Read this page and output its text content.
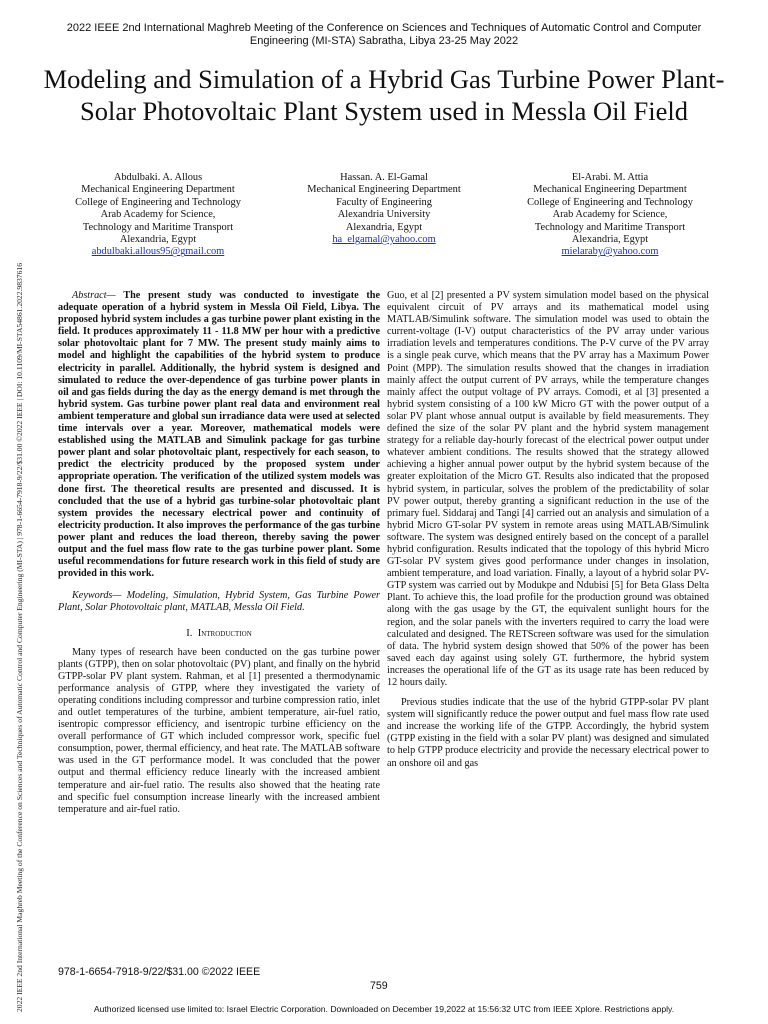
2022 IEEE 2nd International Maghreb Meeting of the Conference on Sciences and Techniques of Automatic Control and Computer Engineering (MI-STA) | 978-1-6654-7918-9/22/$31.00 ©2022 IEEE | DOI: 10.1109/MI-STA54861.2022.9837616
2022 IEEE 2nd International Maghreb Meeting of the Conference on Sciences and Techniques of Automatic Control and Computer Engineering (MI-STA) Sabratha, Libya 23-25 May 2022
Modeling and Simulation of a Hybrid Gas Turbine Power Plant-Solar Photovoltaic Plant System used in Messla Oil Field
Abdulbaki. A. Allous
Mechanical Engineering Department
College of Engineering and Technology
Arab Academy for Science,
Technology and Maritime Transport
Alexandria, Egypt
abdulbaki.allous95@gmail.com
Hassan. A. El-Gamal
Mechanical Engineering Department
Faculty of Engineering
Alexandria University
Alexandria, Egypt
ha_elgamal@yahoo.com
El-Arabi. M. Attia
Mechanical Engineering Department
College of Engineering and Technology
Arab Academy for Science,
Technology and Maritime Transport
Alexandria, Egypt
mielaraby@yahoo.com

Abstract— The present study was conducted to investigate the adequate operation of a hybrid system in Messla Oil Field, Libya. The proposed hybrid system includes a gas turbine power plant existing in the field. It produces approximately 11 - 11.8 MW per hour with a predictive solar photovoltaic plant for 7 MW. The present study mainly aims to model and highlight the capabilities of the hybrid system to produce electricity in parallel. Additionally, the hybrid system is designed and simulated to reduce the over-dependence of gas turbine power plants in oil and gas fields during the day as the energy demand is met through the hybrid system. Gas turbine power plant real data and environment real ambient temperature and global sun irradiance data were used at selected time intervals over a year. Moreover, mathematical models were established using the MATLAB and Simulink package for gas turbine power plant and solar photovoltaic plant, respectively for each season, to predict the electricity produced by the proposed system under appropriate operation. The verification of the utilized system models was done first. The theoretical results are presented and discussed. It is concluded that the use of a hybrid gas turbine-solar photovoltaic plant system provides the necessary electrical power and continuity of electricity production. It also improves the performance of the gas turbine power plant and reduces the load thereon, thereby saving the power output and the fuel mass flow rate to the gas turbine power plant. Some useful recommendations for future research work in this field of study are provided in this work.

Keywords— Modeling, Simulation, Hybrid System, Gas Turbine Power Plant, Solar Photovoltaic plant, MATLAB, Messla Oil Field.

I. Introduction

Many types of research have been conducted on the gas turbine power plants (GTPP), then on solar photovoltaic (PV) plant, and finally on the hybrid GTPP-solar PV plant system. Rahman, et al [1] presented a thermodynamic performance analysis of GTPP, where they investigated the variety of operating conditions including compressor and turbine compression ratio, inlet and outlet temperatures of the turbine, ambient temperature, air-fuel ratio, isentropic compressor efficiency, and isentropic turbine efficiency on the overall performance of GT which included compressor work, specific fuel consumption, power, thermal efficiency, and heat rate. The MATLAB software was used in the GT performance model. It was concluded that the power output and thermal efficiency reduce linearly with the increased ambient temperature and air-fuel ratio. The results also showed that the heating rate and specific fuel consumption increase linearly with the increased ambient temperature and air-fuel ratio.

Guo, et al [2] presented a PV system simulation model based on the physical equivalent circuit of PV arrays and its mathematical model using MATLAB/Simulink software. The simulation model was used to obtain the current-voltage (I-V) output characteristics of the PV array under various irradiation levels and temperatures conditions. The P-V curve of the PV array is a single peak curve, which means that the PV array has a Maximum Power Point (MPP). The simulation results showed that the changes in irradiation mainly affect the output current of PV arrays, while the temperature changes mainly affect the output voltage of PV arrays. Comodi, et al [3] presented a hybrid system consisting of a 100 kW Micro GT with the power output of a solar PV plant whose annual output is available by field measurements. They defined the size of the solar PV plant and the hybrid system management strategy for a reliable day-hourly forecast of the electrical power output under whatever ambient conditions. The results showed that the strategy allowed achieving a higher annual power output by the hybrid system because of the greater exploitation of the Micro GT. Results also indicated that the proposed hybrid system, in particular, solves the problem of the predictability of solar PV power output, thereby granting a significant reduction in the use of the primary fuel. Siddaraj and Tangi [4] carried out an analysis and simulation of a hybrid Micro GT-solar PV system in remote areas using MATLAB/Simulink software. The system was designed entirely based on the concept of a parallel hybrid configuration. Results indicated that the topology of this hybrid Micro GT-solar PV system gives good performance under changes in insolation, ambient temperature, and load variation. Finally, a layout of a hybrid solar PV-GTP system was carried out by Modukpe and Ndubisi [5] for Beta Glass Delta Plant. To achieve this, the load profile for the production ground was obtained along with the gas usage by the GT, the equivalent sunlight hours for the region, and the solar panels with the inverters required to carry the load were calculated and designed. The RETScreen software was used for the simulation of data. The hybrid system design showed that 50% of the power has been saved each day against using solely GT. furthermore, the hybrid system increases the operational life of the GT as its usage rate has been reduced by 12 hours daily.

Previous studies indicate that the use of the hybrid GTPP-solar PV plant system will significantly reduce the power output and fuel mass flow rate used and increase the working life of the GTPP. Accordingly, the hybrid system (GTPP existing in the field with a solar PV plant) was designed and simulated to help GTPP produce electricity and provide the necessary electrical power to an onshore oil and gas

978-1-6654-7918-9/22/$31.00 ©2022 IEEE
759
Authorized licensed use limited to: Israel Electric Corporation. Downloaded on December 19,2022 at 15:56:32 UTC from IEEE Xplore. Restrictions apply.
